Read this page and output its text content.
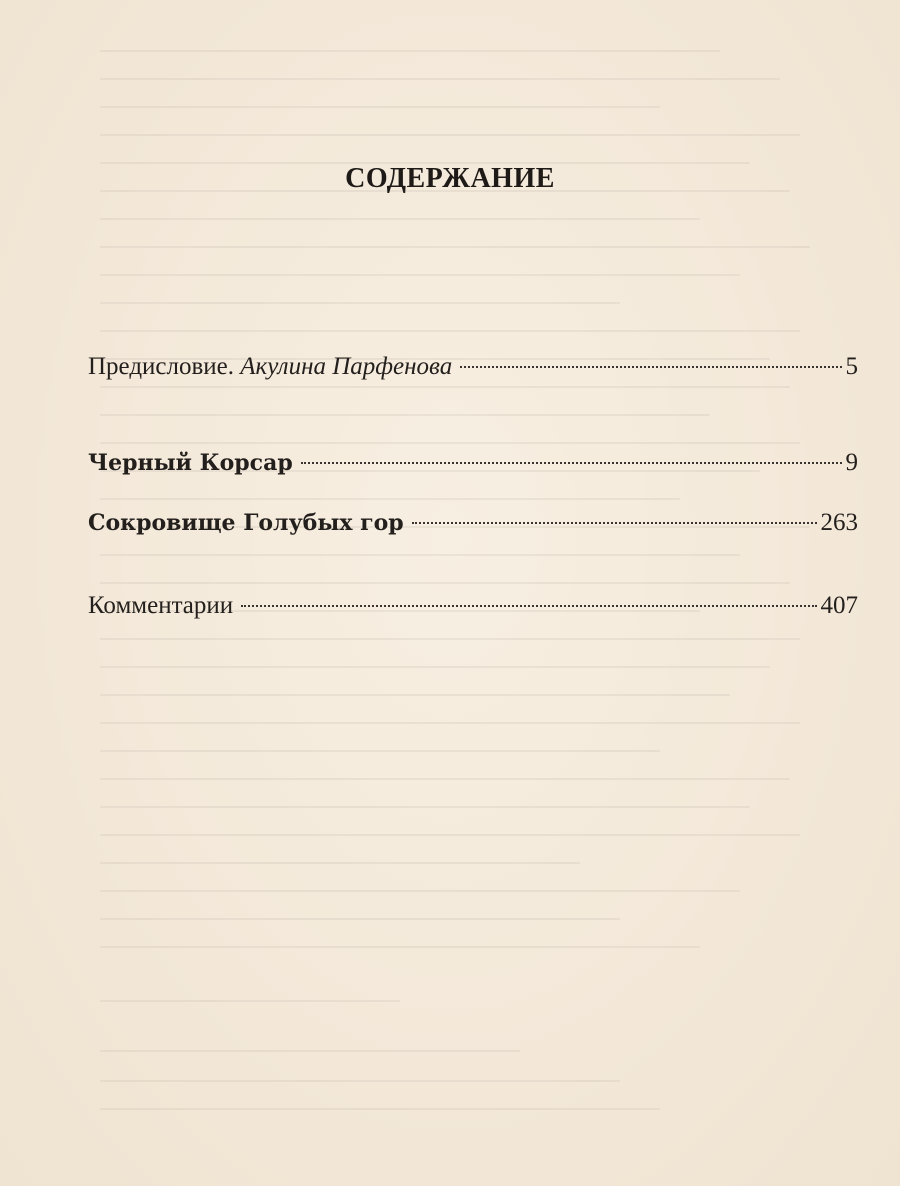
СОДЕРЖАНИЕ
Предисловие. Акулина Парфенова	5
Черный Корсар	9
Сокровище Голубых гор	263
Комментарии	407
